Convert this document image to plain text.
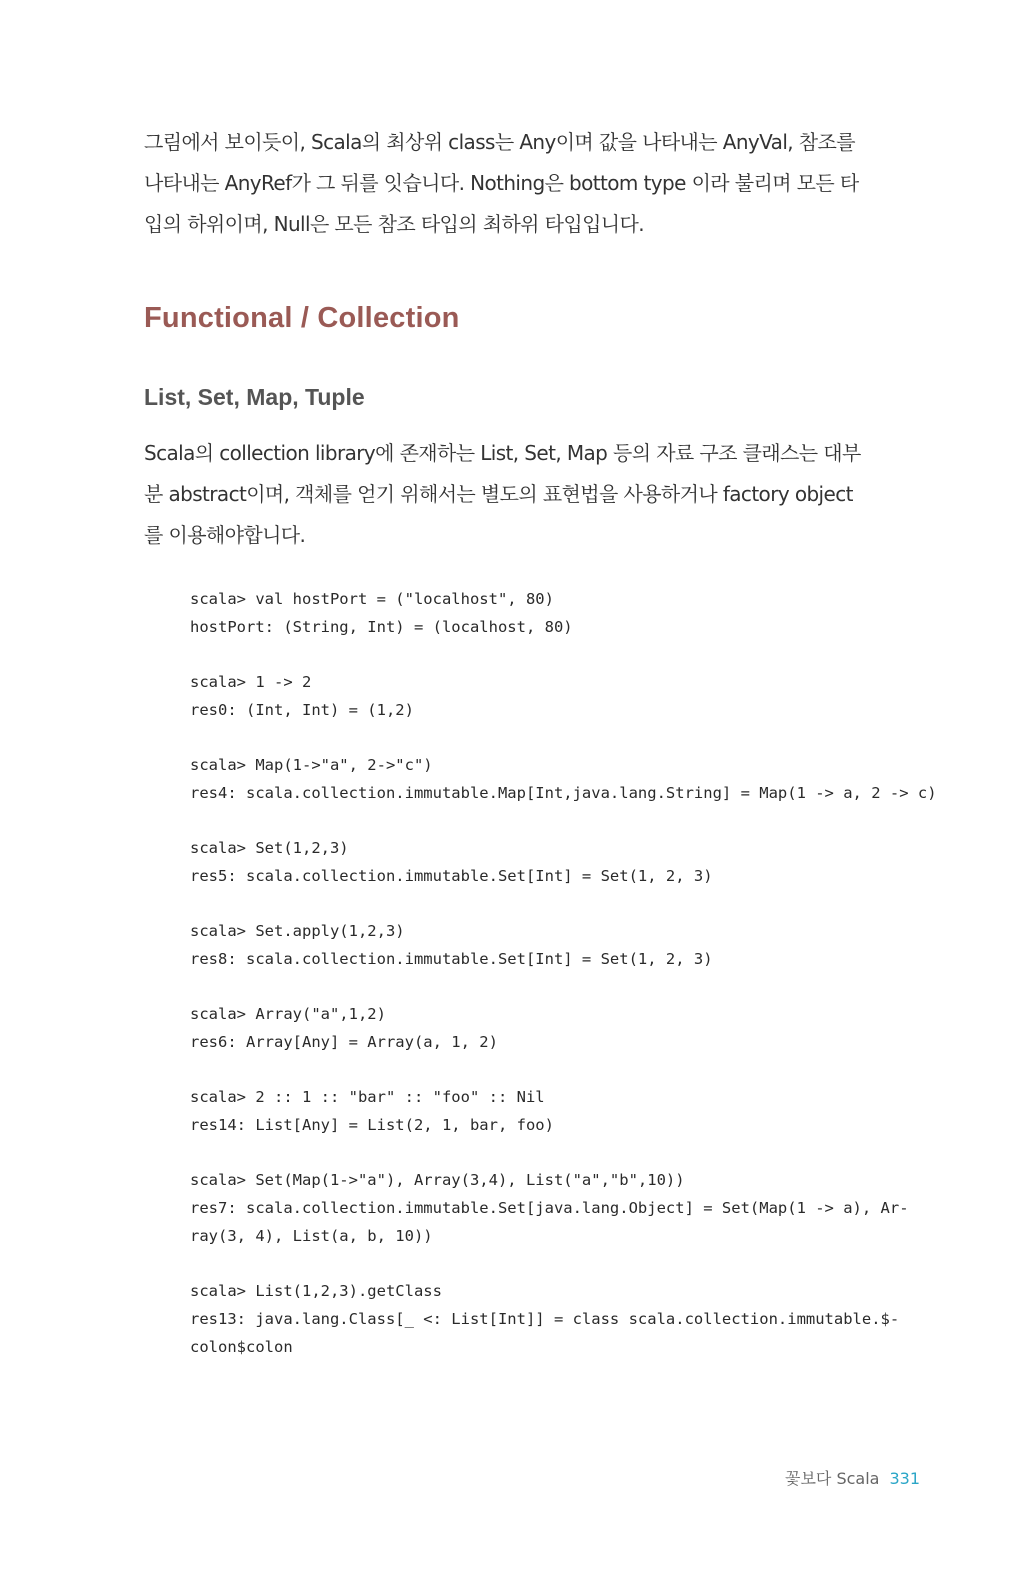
그림에서 보이듯이, Scala의 최상위 class는 Any이며 값을 나타내는 AnyVal, 참조를
나타내는 AnyRef가 그 뒤를 잇습니다. Nothing은 bottom type 이라 불리며 모든 타
입의 하위이며, Null은 모든 참조 타입의 최하위 타입입니다.

Functional / Collection
List, Set, Map, Tuple

Scala의 collection library에 존재하는 List, Set, Map 등의 자료 구조 클래스는 대부
분 abstract이며, 객체를 얻기 위해서는 별도의 표현법을 사용하거나 factory object
를 이용해야합니다.

scala> val hostPort = ("localhost", 80)
hostPort: (String, Int) = (localhost, 80)
scala> 1 -> 2
res0: (Int, Int) = (1,2)
scala> Map(1->"a", 2->"c")
res4: scala.collection.immutable.Map[Int,java.lang.String] = Map(1 -> a, 2 -> c)
scala> Set(1,2,3)
res5: scala.collection.immutable.Set[Int] = Set(1, 2, 3)
scala> Set.apply(1,2,3)
res8: scala.collection.immutable.Set[Int] = Set(1, 2, 3)
scala> Array("a",1,2)
res6: Array[Any] = Array(a, 1, 2)
scala> 2 :: 1 :: "bar" :: "foo" :: Nil
res14: List[Any] = List(2, 1, bar, foo)
scala> Set(Map(1->"a"), Array(3,4), List("a","b",10))
res7: scala.collection.immutable.Set[java.lang.Object] = Set(Map(1 -> a), Ar-
ray(3, 4), List(a, b, 10))
scala> List(1,2,3).getClass
res13: java.lang.Class[_ <: List[Int]] = class scala.collection.immutable.$-
colon$colon
꽃보다 Scala 331
